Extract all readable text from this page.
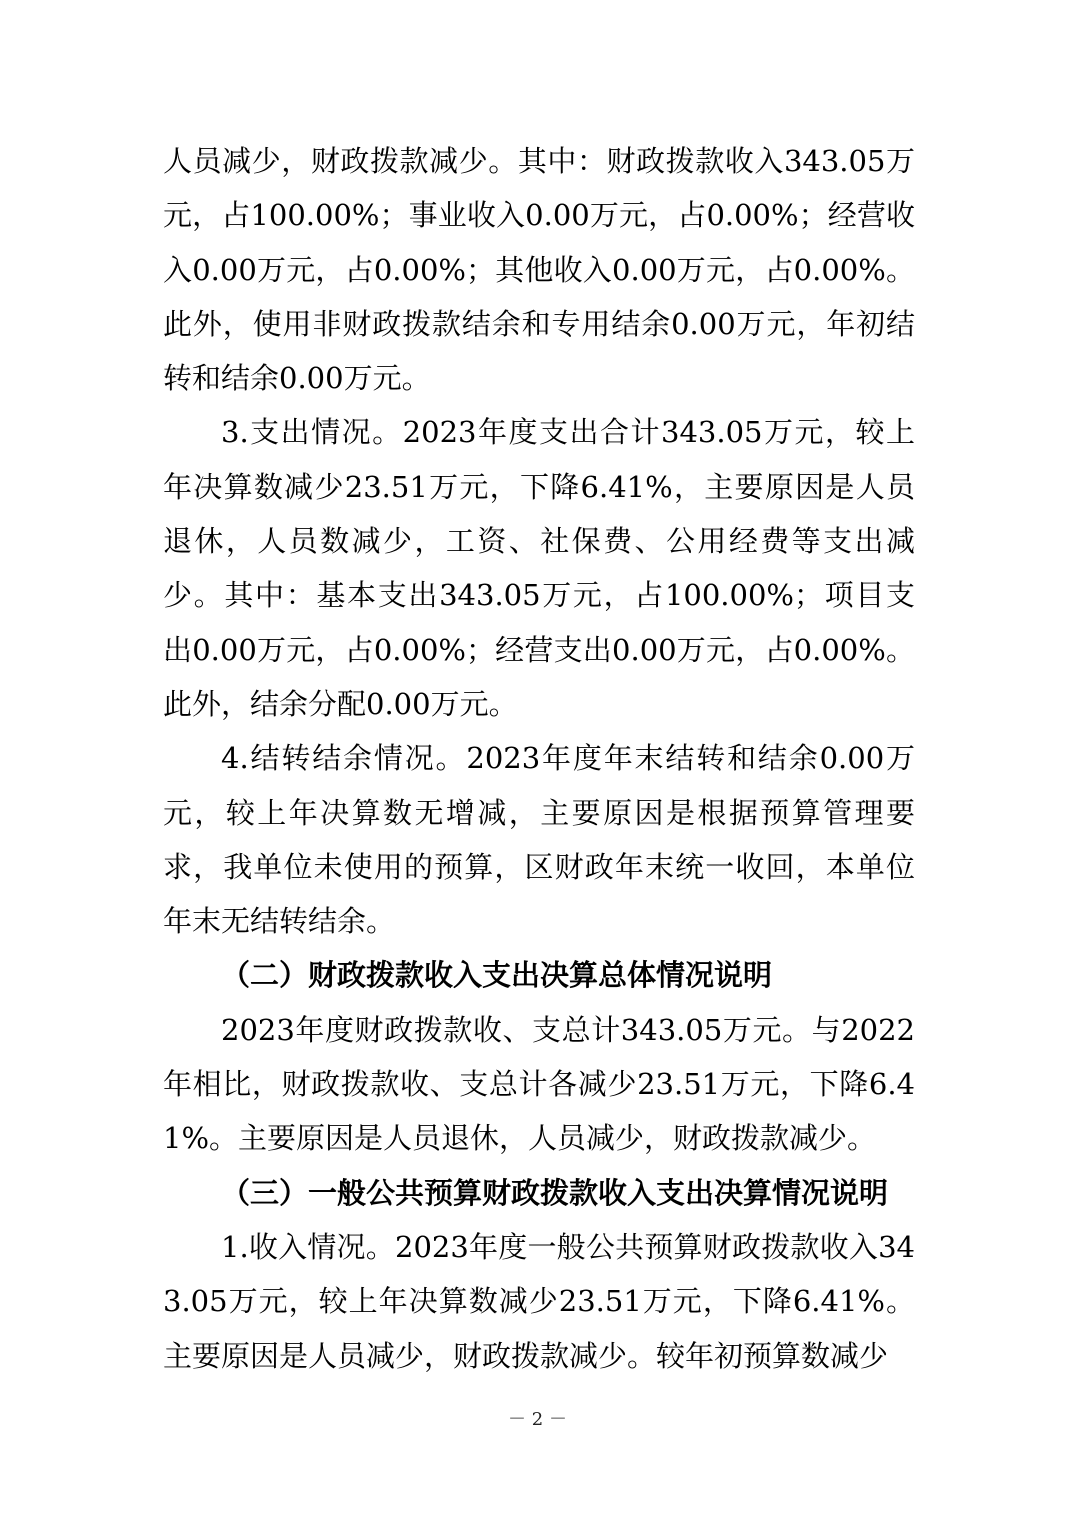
人员减少，财政拨款减少。其中：财政拨款收入343.05万元，占100.00%；事业收入0.00万元，占0.00%；经营收入0.00万元，占0.00%；其他收入0.00万元，占0.00%。此外，使用非财政拨款结余和专用结余0.00万元，年初结转和结余0.00万元。

3.支出情况。2023年度支出合计343.05万元，较上年决算数减少23.51万元，下降6.41%，主要原因是人员退休，人员数减少，工资、社保费、公用经费等支出减少。其中：基本支出343.05万元，占100.00%；项目支出0.00万元，占0.00%；经营支出0.00万元，占0.00%。此外，结余分配0.00万元。

4.结转结余情况。2023年度年末结转和结余0.00万元，较上年决算数无增减，主要原因是根据预算管理要求，我单位未使用的预算，区财政年末统一收回，本单位年末无结转结余。

（二）财政拨款收入支出决算总体情况说明

2023年度财政拨款收、支总计343.05万元。与2022年相比，财政拨款收、支总计各减少23.51万元，下降6.41%。主要原因是人员退休，人员减少，财政拨款减少。

（三）一般公共预算财政拨款收入支出决算情况说明

1.收入情况。2023年度一般公共预算财政拨款收入343.05万元，较上年决算数减少23.51万元，下降6.41%。主要原因是人员减少，财政拨款减少。较年初预算数减少

－ 2 －
